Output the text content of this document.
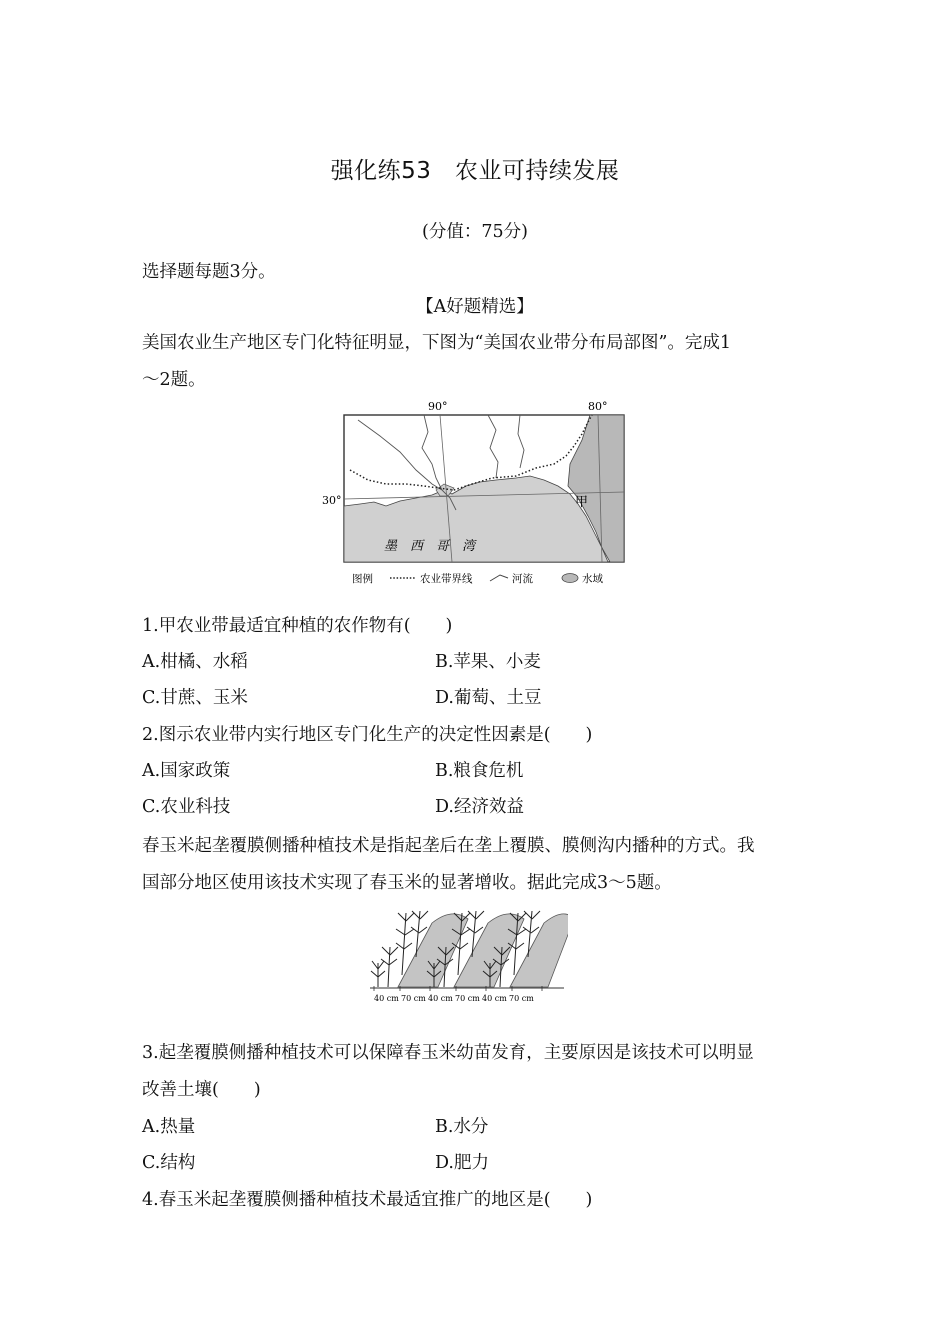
强化练53　农业可持续发展
(分值：75分)
选择题每题3分。
【A好题精选】
美国农业生产地区专门化特征明显，下图为“美国农业带分布局部图”。完成1
～2题。
90°	80°
30°	甲
墨　西　哥　湾
图例	农业带界线	河流	水域
1.甲农业带最适宜种植的农作物有(　　)
A.柑橘、水稻	B.苹果、小麦
C.甘蔗、玉米	D.葡萄、土豆
2.图示农业带内实行地区专门化生产的决定性因素是(　　)
A.国家政策	B.粮食危机
C.农业科技	D.经济效益
春玉米起垄覆膜侧播种植技术是指起垄后在垄上覆膜、膜侧沟内播种的方式。我
国部分地区使用该技术实现了春玉米的显著增收。据此完成3～5题。
40 cm 70 cm 40 cm 70 cm 40 cm 70 cm
3.起垄覆膜侧播种植技术可以保障春玉米幼苗发育，主要原因是该技术可以明显
改善土壤(　　)
A.热量	B.水分
C.结构	D.肥力
4.春玉米起垄覆膜侧播种植技术最适宜推广的地区是(　　)
